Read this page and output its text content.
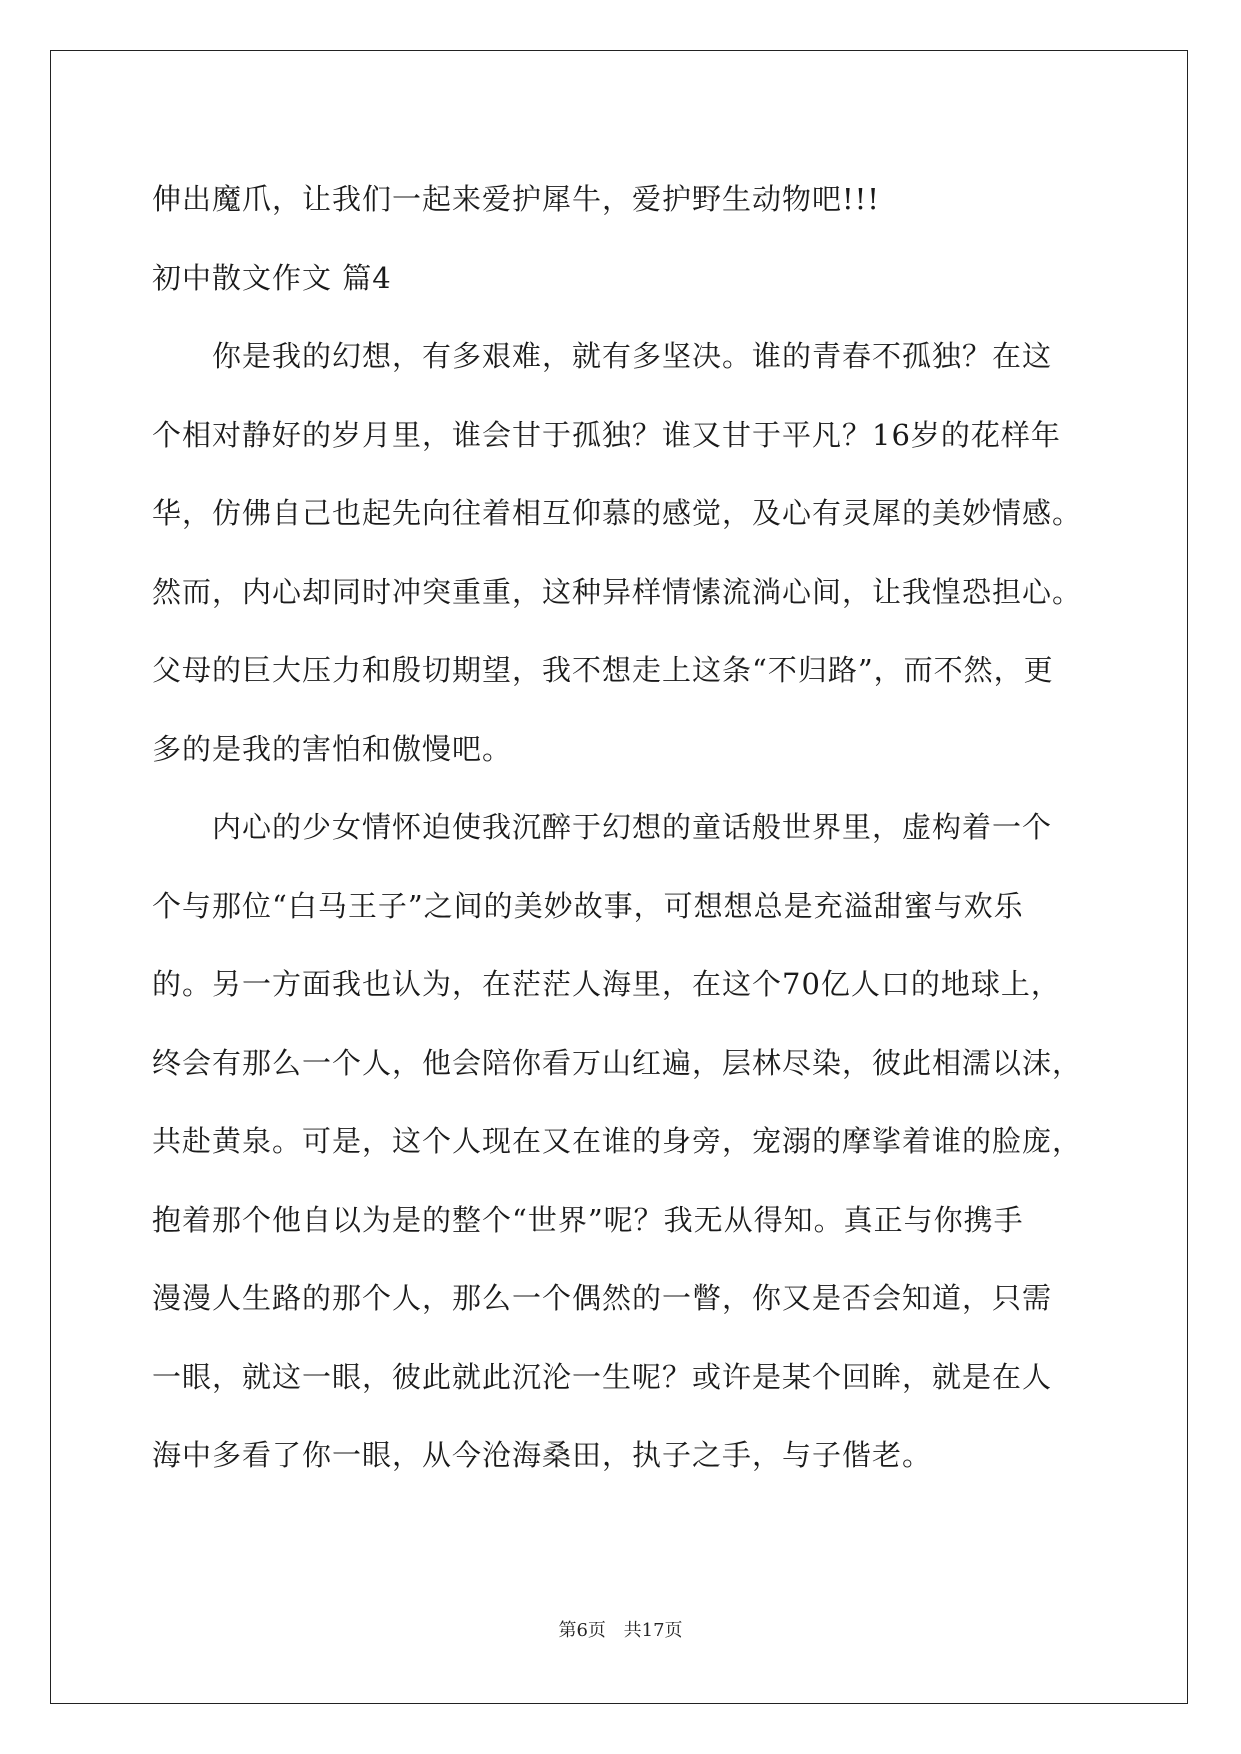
伸出魔爪，让我们一起来爱护犀牛，爱护野生动物吧!!!
初中散文作文 篇4
　　你是我的幻想，有多艰难，就有多坚决。谁的青春不孤独？在这
个相对静好的岁月里，谁会甘于孤独？谁又甘于平凡？16岁的花样年
华，仿佛自己也起先向往着相互仰慕的感觉，及心有灵犀的美妙情感。
然而，内心却同时冲突重重，这种异样情愫流淌心间，让我惶恐担心。
父母的巨大压力和殷切期望，我不想走上这条“不归路”，而不然，更
多的是我的害怕和傲慢吧。
　　内心的少女情怀迫使我沉醉于幻想的童话般世界里，虚构着一个
个与那位“白马王子”之间的美妙故事，可想想总是充溢甜蜜与欢乐
的。另一方面我也认为，在茫茫人海里，在这个70亿人口的地球上，
终会有那么一个人，他会陪你看万山红遍，层林尽染，彼此相濡以沫，
共赴黄泉。可是，这个人现在又在谁的身旁，宠溺的摩挲着谁的脸庞，
抱着那个他自以为是的整个“世界”呢？我无从得知。真正与你携手
漫漫人生路的那个人，那么一个偶然的一瞥，你又是否会知道，只需
一眼，就这一眼，彼此就此沉沦一生呢？或许是某个回眸，就是在人
海中多看了你一眼，从今沧海桑田，执子之手，与子偕老。
第6页 共17页
